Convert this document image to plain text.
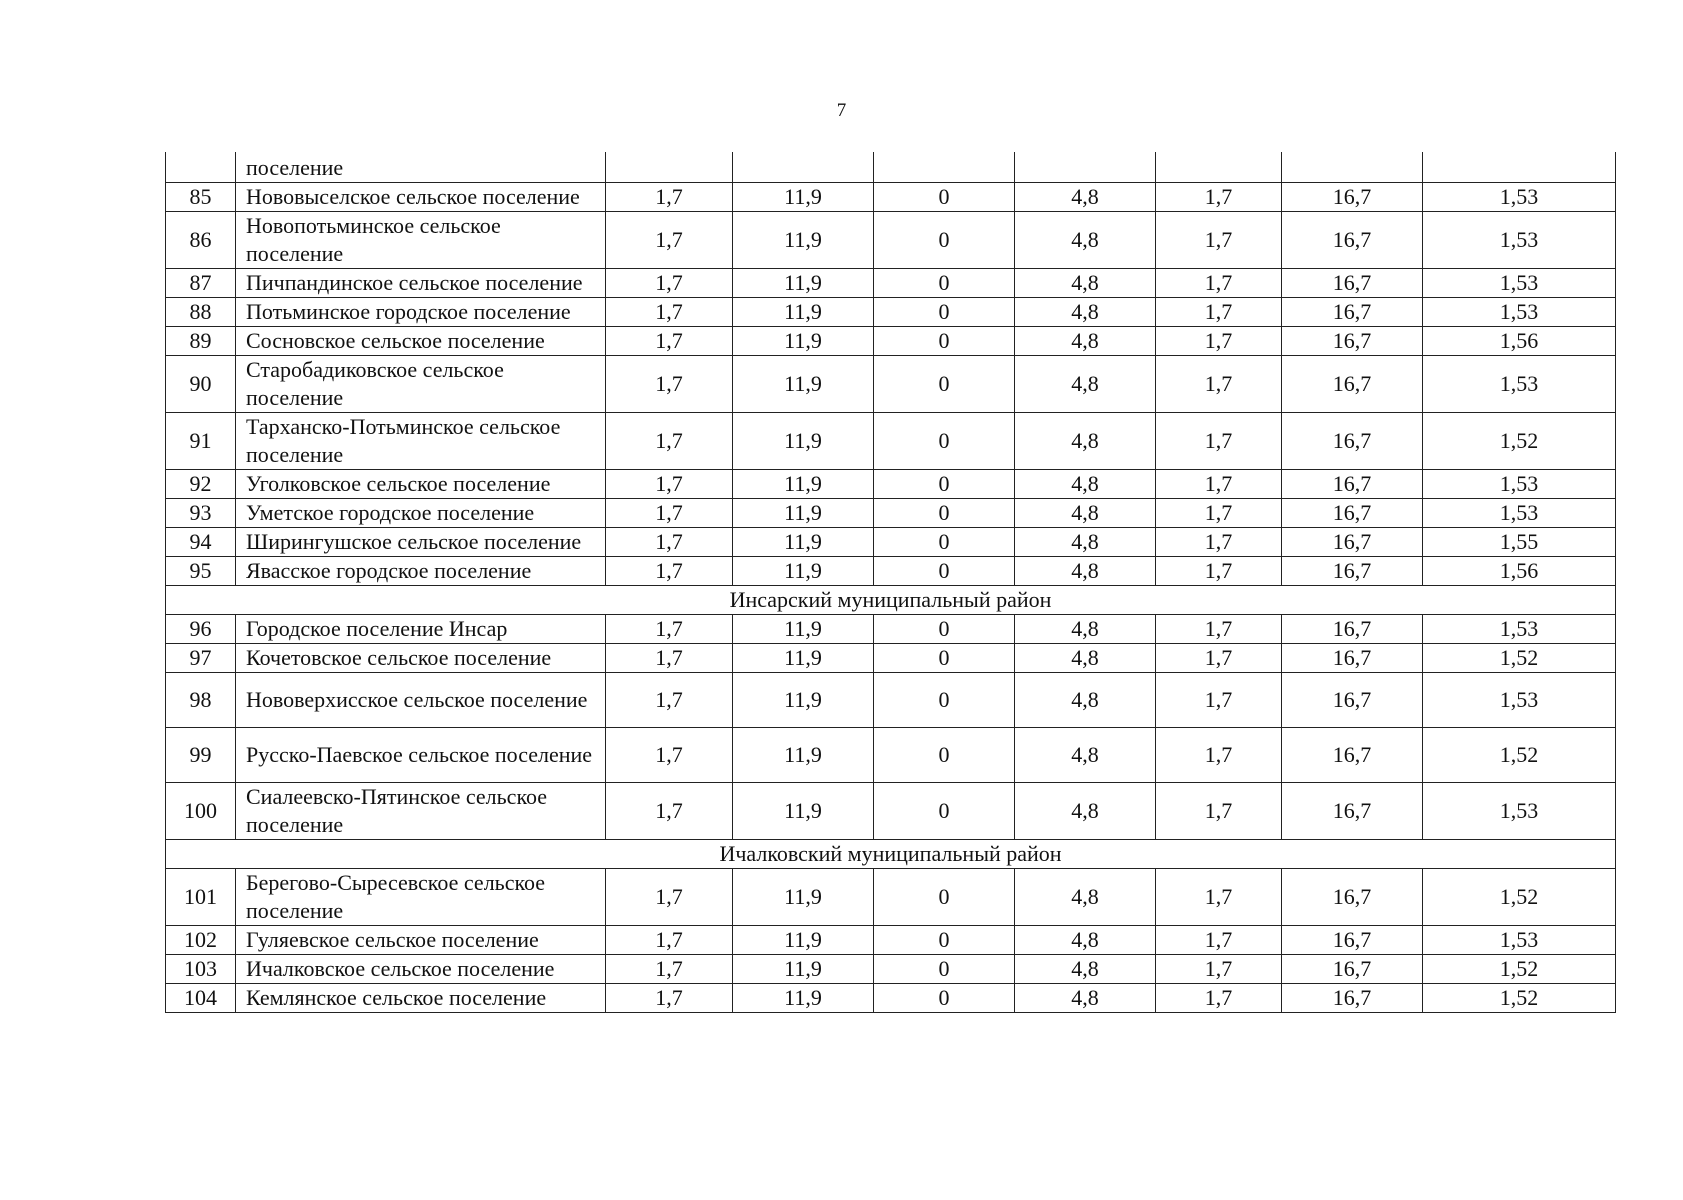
7
	поселение							
85	Нововыселское сельское поселение	1,7	11,9	0	4,8	1,7	16,7	1,53
86	Новопотьминское сельское поселение	1,7	11,9	0	4,8	1,7	16,7	1,53
87	Пичпандинское сельское поселение	1,7	11,9	0	4,8	1,7	16,7	1,53
88	Потьминское городское поселение	1,7	11,9	0	4,8	1,7	16,7	1,53
89	Сосновское сельское поселение	1,7	11,9	0	4,8	1,7	16,7	1,56
90	Старобадиковское сельское поселение	1,7	11,9	0	4,8	1,7	16,7	1,53
91	Тарханско-Потьминское сельское поселение	1,7	11,9	0	4,8	1,7	16,7	1,52
92	Уголковское сельское поселение	1,7	11,9	0	4,8	1,7	16,7	1,53
93	Уметское городское поселение	1,7	11,9	0	4,8	1,7	16,7	1,53
94	Ширингушское сельское поселение	1,7	11,9	0	4,8	1,7	16,7	1,55
95	Явасское городское поселение	1,7	11,9	0	4,8	1,7	16,7	1,56
Инсарский муниципальный район								
96	Городское поселение Инсар	1,7	11,9	0	4,8	1,7	16,7	1,53
97	Кочетовское сельское поселение	1,7	11,9	0	4,8	1,7	16,7	1,52
98	Нововерхисское сельское поселение	1,7	11,9	0	4,8	1,7	16,7	1,53
99	Русско-Паевское сельское поселение	1,7	11,9	0	4,8	1,7	16,7	1,52
100	Сиалеевско-Пятинское сельское поселение	1,7	11,9	0	4,8	1,7	16,7	1,53
Ичалковский муниципальный район								
101	Берегово-Сыресевское сельское поселение	1,7	11,9	0	4,8	1,7	16,7	1,52
102	Гуляевское сельское поселение	1,7	11,9	0	4,8	1,7	16,7	1,53
103	Ичалковское сельское поселение	1,7	11,9	0	4,8	1,7	16,7	1,52
104	Кемлянское сельское поселение	1,7	11,9	0	4,8	1,7	16,7	1,52
